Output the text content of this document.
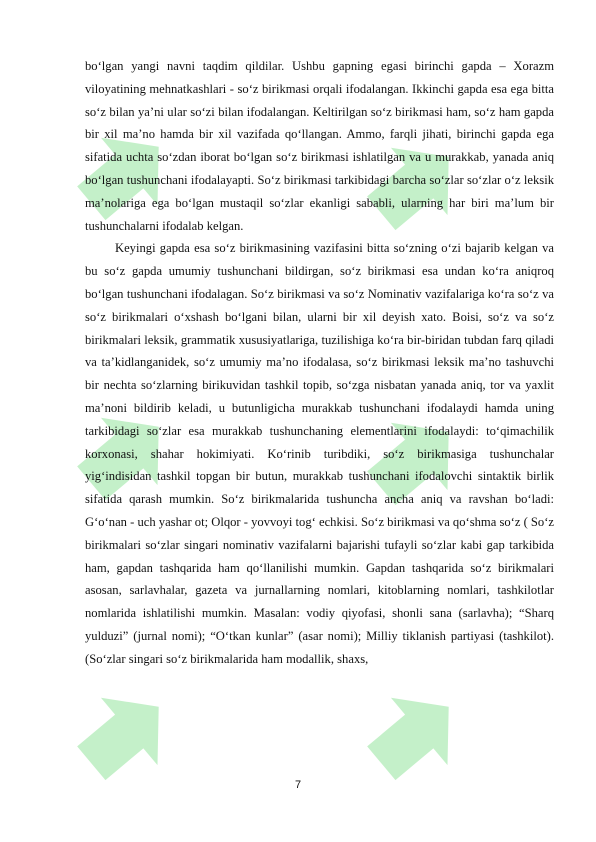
bo‘lgan yangi navni taqdim qildilar. Ushbu gapning egasi birinchi gapda – Xorazm viloyatining mehnatkashlari - so‘z birikmasi orqali ifodalangan. Ikkinchi gapda esa ega bitta so‘z bilan ya’ni ular so‘zi bilan ifodalangan. Keltirilgan so‘z birikmasi ham, so‘z ham gapda bir xil ma’no hamda bir xil vazifada qo‘llangan. Ammo, farqli jihati, birinchi gapda ega sifatida uchta so‘zdan iborat bo‘lgan so‘z birikmasi ishlatilgan va u murakkab, yanada aniq bo‘lgan tushunchani ifodalayapti. So‘z birikmasi tarkibidagi barcha so‘zlar so‘zlar o‘z leksik ma’nolariga ega bo‘lgan mustaqil so‘zlar ekanligi sababli, ularning har biri ma’lum bir tushunchalarni ifodalab kelgan.

Keyingi gapda esa so‘z birikmasining vazifasini bitta so‘zning o‘zi bajarib kelgan va bu so‘z gapda umumiy tushunchani bildirgan, so‘z birikmasi esa undan ko‘ra aniqroq bo‘lgan tushunchani ifodalagan. So‘z birikmasi va so‘z Nominativ vazifalariga ko‘ra so‘z va so‘z birikmalari o‘xshash bo‘lgani bilan, ularni bir xil deyish xato. Boisi, so‘z va so‘z birikmalari leksik, grammatik xususiyatlariga, tuzilishiga ko‘ra bir-biridan tubdan farq qiladi va ta’kidlanganidek, so‘z umumiy ma’no ifodalasa, so‘z birikmasi leksik ma’no tashuvchi bir nechta so‘zlarning birikuvidan tashkil topib, so‘zga nisbatan yanada aniq, tor va yaxlit ma’noni bildirib keladi, u butunligicha murakkab tushunchani ifodalaydi hamda uning tarkibidagi so‘zlar esa murakkab tushunchaning elementlarini ifodalaydi: to‘qimachilik korxonasi, shahar hokimiyati. Ko‘rinib turibdiki, so‘z birikmasiga tushunchalar yig‘indisidan tashkil topgan bir butun, murakkab tushunchani ifodalovchi sintaktik birlik sifatida qarash mumkin. So‘z birikmalarida tushuncha ancha aniq va ravshan bo‘ladi: G‘o‘nan - uch yashar ot; Olqor - yovvoyi tog‘ echkisi. So‘z birikmasi va qo‘shma so‘z ( So‘z birikmalari so‘zlar singari nominativ vazifalarni bajarishi tufayli so‘zlar kabi gap tarkibida ham, gapdan tashqarida ham qo‘llanilishi mumkin. Gapdan tashqarida so‘z birikmalari asosan, sarlavhalar, gazeta va jurnallarning nomlari, kitoblarning nomlari, tashkilotlar nomlarida ishlatilishi mumkin. Masalan: vodiy qiyofasi, shonli sana (sarlavha); “Sharq yulduzi” (jurnal nomi); “O‘tkan kunlar” (asar nomi); Milliy tiklanish partiyasi (tashkilot). (So‘zlar singari so‘z birikmalarida ham modallik, shaxs,

7
